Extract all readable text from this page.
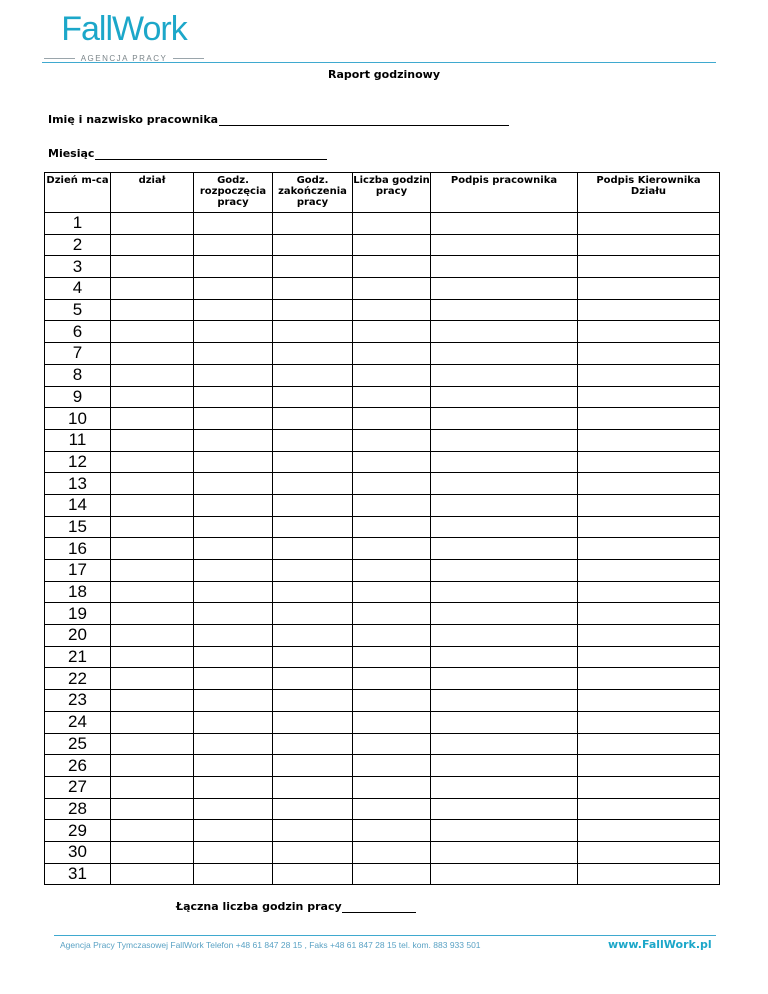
FallWork
AGENCJA PRACY
Raport godzinowy
Imię i nazwisko pracownika
Miesiąc
Dzień m-ca	dział	Godz. rozpoczęcia pracy	Godz. zakończenia pracy	Liczba godzin pracy	Podpis pracownika	Podpis Kierownika Działu
1						
2						
3						
4						
5						
6						
7						
8						
9						
10						
11						
12						
13						
14						
15						
16						
17						
18						
19						
20						
21						
22						
23						
24						
25						
26						
27						
28						
29						
30						
31						
Łączna liczba godzin pracy
Agencja Pracy Tymczasowej FallWork Telefon +48 61 847 28 15 , Faks +48 61 847 28 15 tel. kom. 883 933 501	www.FallWork.pl
